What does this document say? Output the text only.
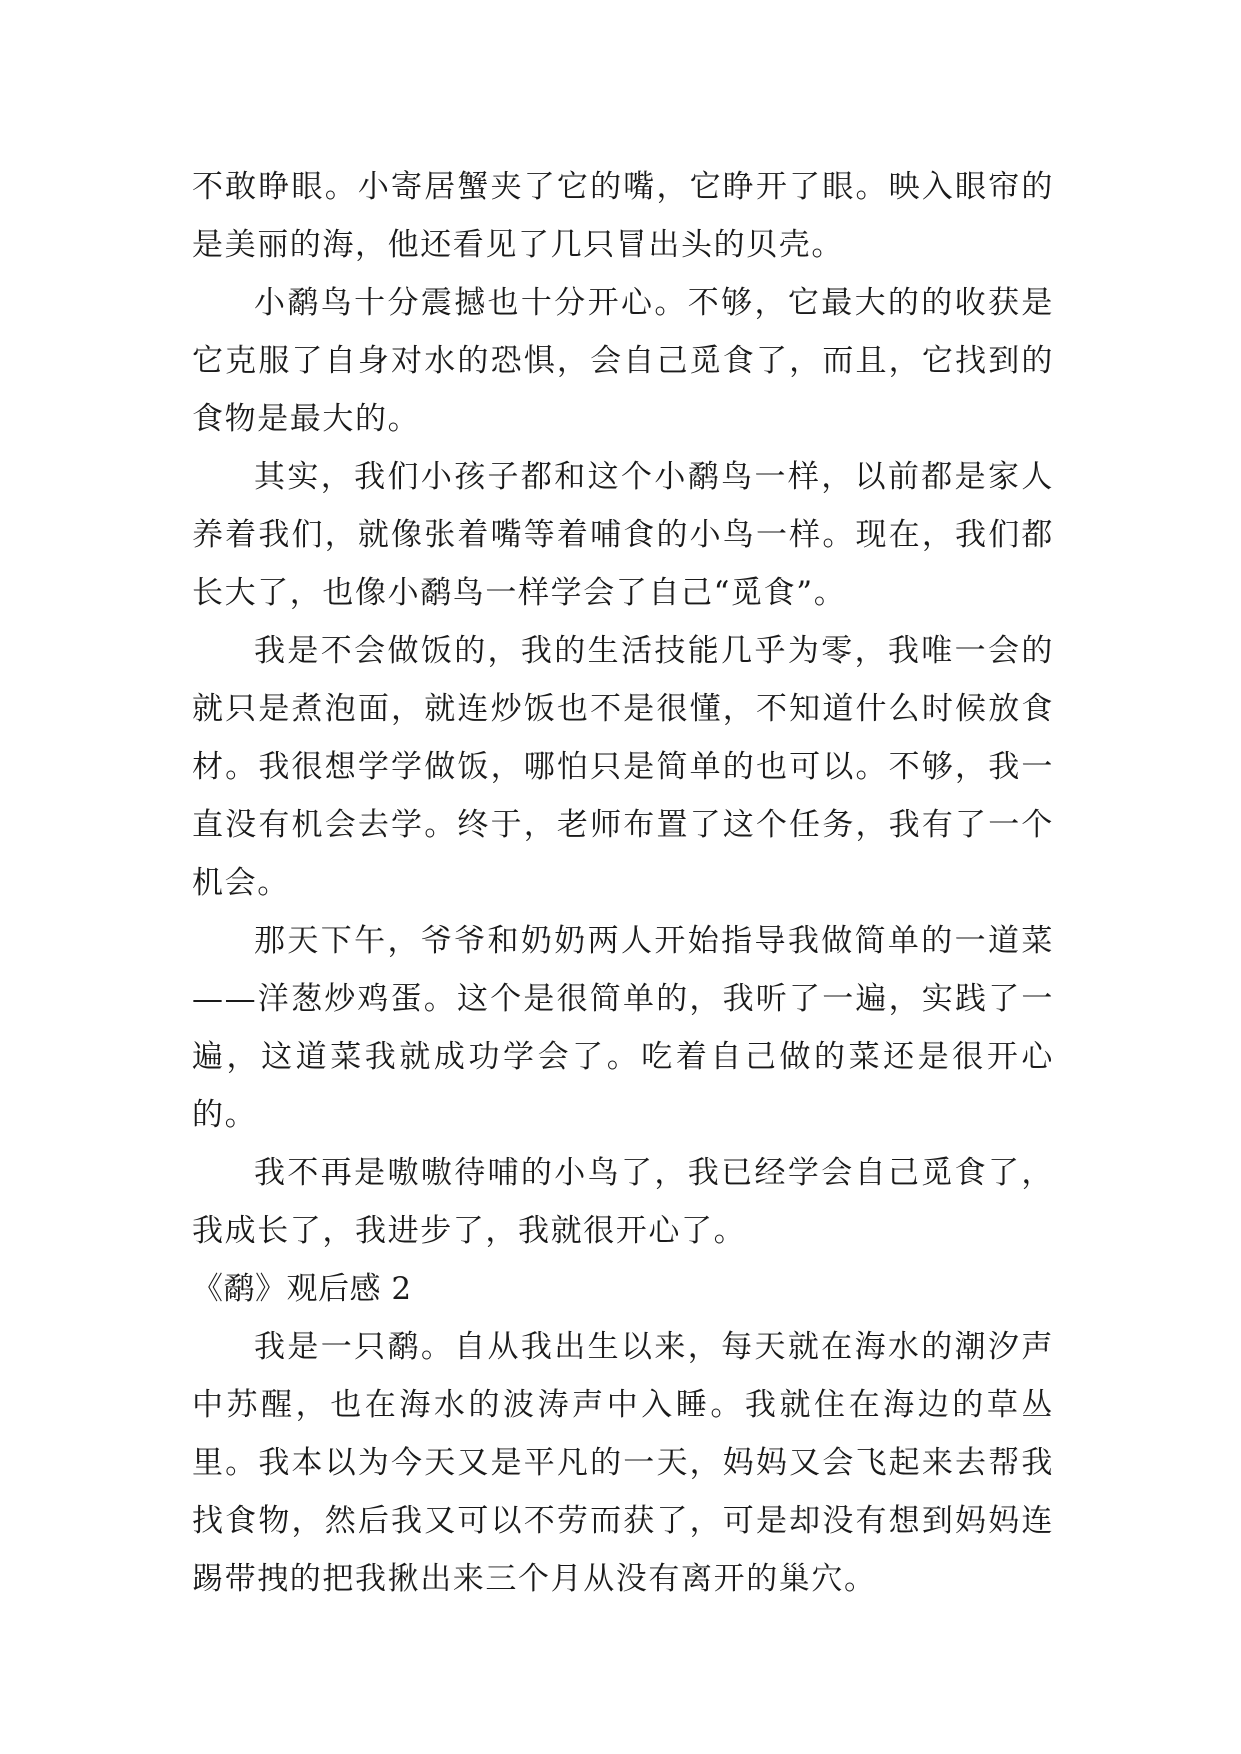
不敢睁眼。小寄居蟹夹了它的嘴，它睁开了眼。映入眼帘的是美丽的海，他还看见了几只冒出头的贝壳。

小鹬鸟十分震撼也十分开心。不够，它最大的的收获是它克服了自身对水的恐惧，会自己觅食了，而且，它找到的食物是最大的。

其实，我们小孩子都和这个小鹬鸟一样，以前都是家人养着我们，就像张着嘴等着哺食的小鸟一样。现在，我们都长大了，也像小鹬鸟一样学会了自己“觅食”。

我是不会做饭的，我的生活技能几乎为零，我唯一会的就只是煮泡面，就连炒饭也不是很懂，不知道什么时候放食材。我很想学学做饭，哪怕只是简单的也可以。不够，我一直没有机会去学。终于，老师布置了这个任务，我有了一个机会。

那天下午，爷爷和奶奶两人开始指导我做简单的一道菜——洋葱炒鸡蛋。这个是很简单的，我听了一遍，实践了一遍，这道菜我就成功学会了。吃着自己做的菜还是很开心的。

我不再是嗷嗷待哺的小鸟了，我已经学会自己觅食了，我成长了，我进步了，我就很开心了。

《鹬》观后感 2

我是一只鹬。自从我出生以来，每天就在海水的潮汐声中苏醒，也在海水的波涛声中入睡。我就住在海边的草丛里。我本以为今天又是平凡的一天，妈妈又会飞起来去帮我找食物，然后我又可以不劳而获了，可是却没有想到妈妈连踢带拽的把我揪出来三个月从没有离开的巢穴。
